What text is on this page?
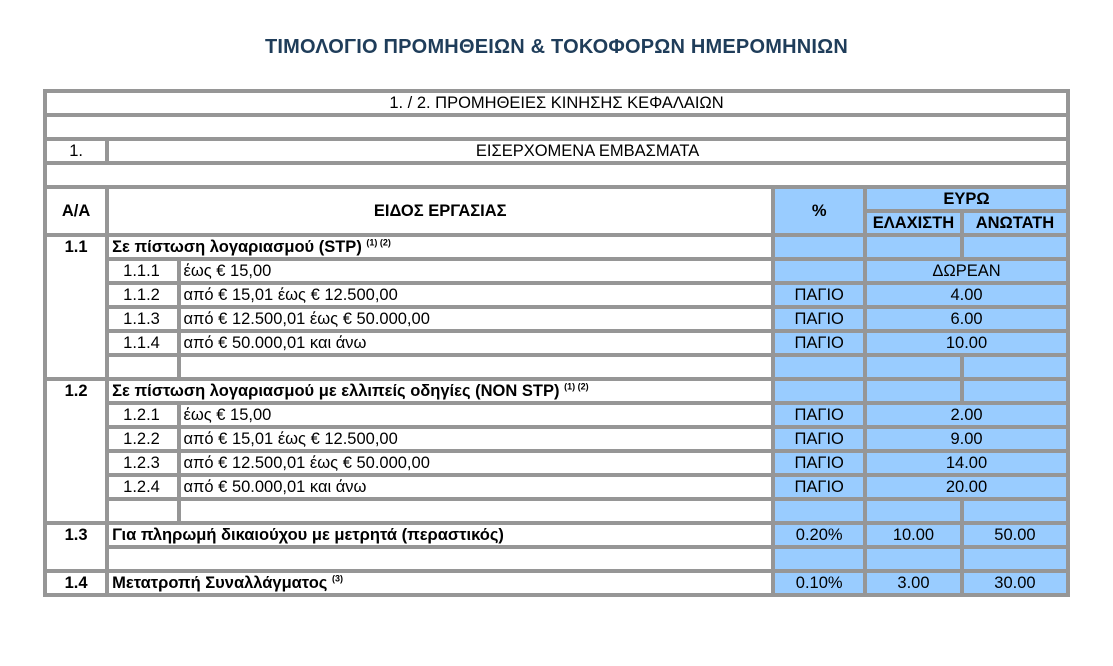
ΤΙΜΟΛΟΓΙΟ ΠΡΟΜΗΘΕΙΩΝ & ΤΟΚΟΦΟΡΩΝ ΗΜΕΡΟΜΗΝΙΩΝ
1. / 2. ΠΡΟΜΗΘΕΙΕΣ ΚΙΝΗΣΗΣ ΚΕΦΑΛΑΙΩΝ					

1.	ΕΙΣΕΡΧΟΜΕΝΑ ΕΜΒΑΣΜΑΤΑ				

Α/Α	ΕΙΔΟΣ ΕΡΓΑΣΙΑΣ		%	ΕΥΡΩ	
				ΕΛΑΧΙΣΤΗ	ΑΝΩΤΑΤΗ
1.1	Σε πίστωση λογαριασμού (STP) $^{(1) (2)}$			
	1.1.1	έως € 15,00		ΔΩΡΕΑΝ	
	1.1.2	από € 15,01 έως € 12.500,00	ΠΑΓΙΟ	4.00	
	1.1.3	από € 12.500,01 έως € 50.000,00	ΠΑΓΙΟ	6.00	
	1.1.4	από € 50.000,01 και άνω	ΠΑΓΙΟ	10.00	

1.2	Σε πίστωση λογαριασμού με ελλιπείς οδηγίες (NON STP) $^{(1) (2)}$			
	1.2.1	έως € 15,00	ΠΑΓΙΟ	2.00	
	1.2.2	από € 15,01 έως € 12.500,00	ΠΑΓΙΟ	9.00	
	1.2.3	από € 12.500,01 έως € 50.000,00	ΠΑΓΙΟ	14.00	
	1.2.4	από € 50.000,01 και άνω	ΠΑΓΙΟ	20.00	

1.3	Για πληρωμή δικαιούχου με μετρητά (περαστικός)		0.20%	10.00	50.00

1.4	Μετατροπή Συναλλάγματος $^{(3)}$		0.10%	3.00	30.00
